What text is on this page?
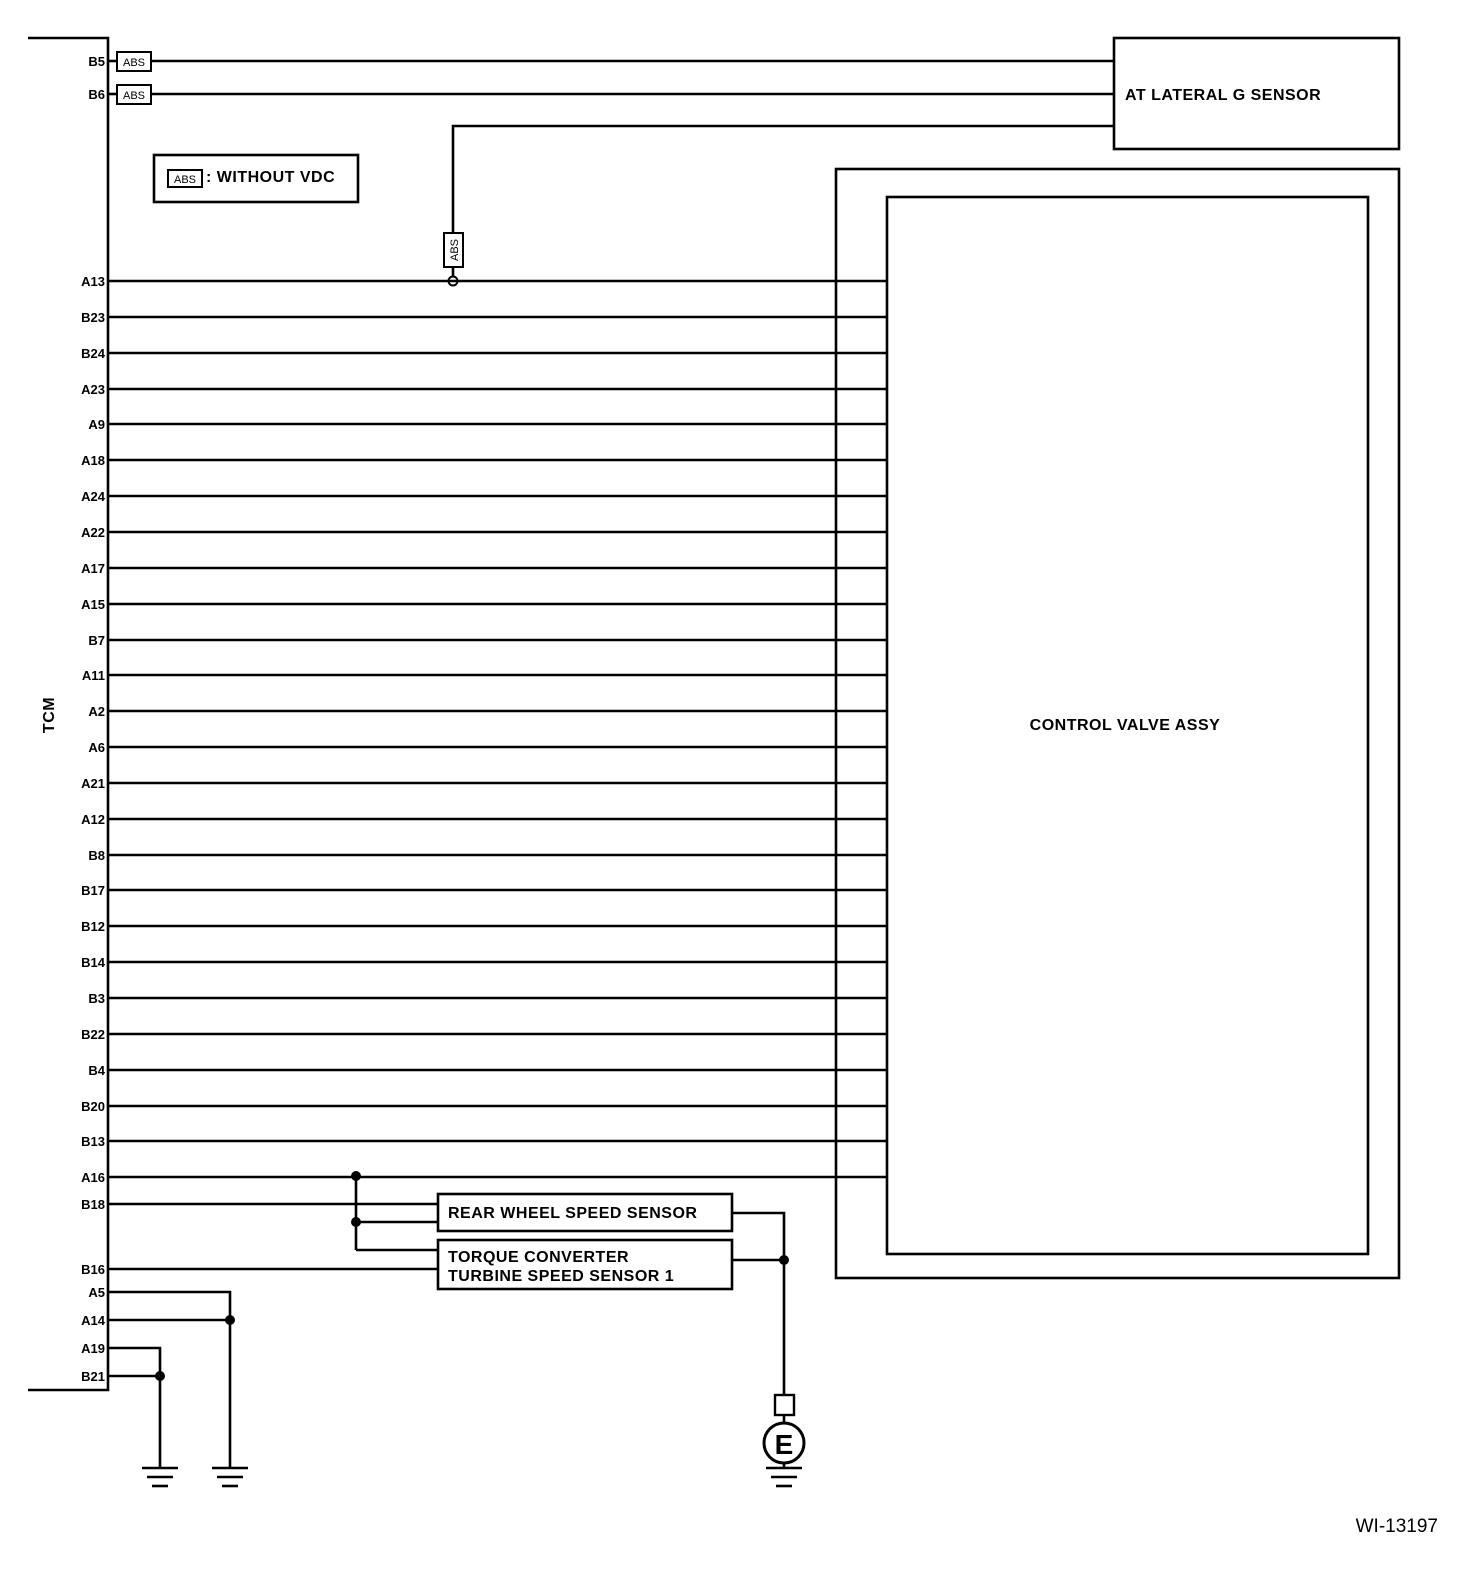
TCM
ABS : WITHOUT VDC
AT LATERAL G SENSOR
ABS
B5
ABS
B6
ABS
CONTROL VALVE ASSY
A13
B23
B24
A23
A9
A18
A24
A22
A17
A15
B7
A11
A2
A6
A21
A12
B8
B17
B12
B14
B3
B22
B4
B20
B13
A16
B18
REAR WHEEL SPEED SENSOR
B16
TORQUE CONVERTER
TURBINE SPEED SENSOR 1
E
A5
A14
A19
B21
WI-13197
